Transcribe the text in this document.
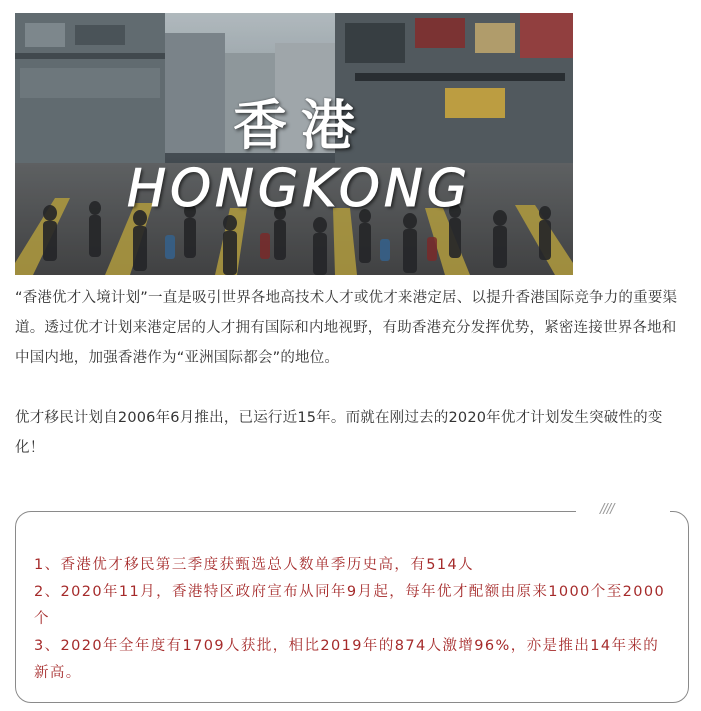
香港
HONGKONG

“香港优才入境计划”一直是吸引世界各地高技术人才或优才来港定居、以提升香港国际竞争力的重要渠道。透过优才计划来港定居的人才拥有国际和内地视野，有助香港充分发挥优势，紧密连接世界各地和中国内地，加强香港作为“亚洲国际都会”的地位。

优才移民计划自2006年6月推出，已运行近15年。而就在刚过去的2020年优才计划发生突破性的变化！

////
1、香港优才移民第三季度获甄选总人数单季历史高，有514人
2、2020年11月，香港特区政府宣布从同年9月起，每年优才配额由原来1000个至2000个
3、2020年全年度有1709人获批，相比2019年的874人激增96%，亦是推出14年来的新高。
